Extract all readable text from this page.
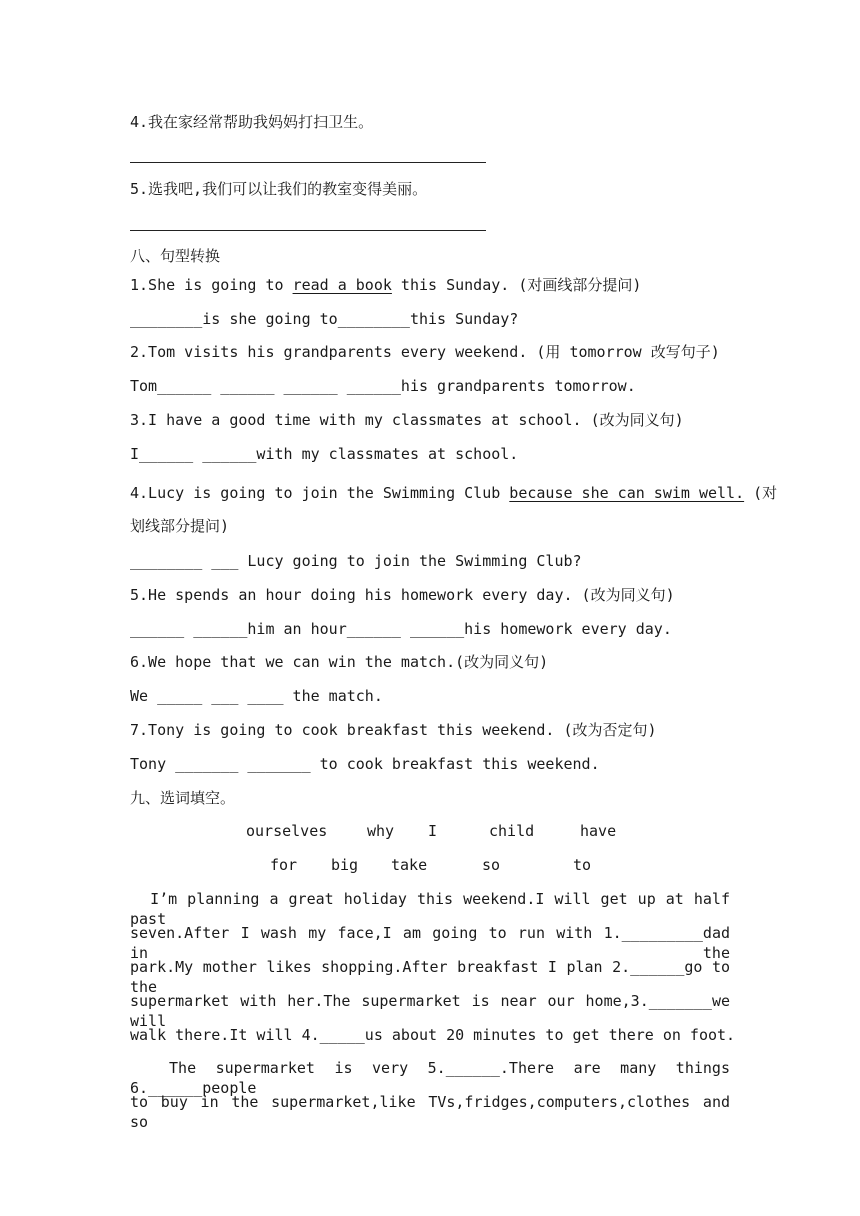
4.我在家经常帮助我妈妈打扫卫生。
5.选我吧,我们可以让我们的教室变得美丽。
八、句型转换
1.She is going to read a book this Sunday. (对画线部分提问)
________is she going to________this Sunday?
2.Tom visits his grandparents every weekend. (用 tomorrow 改写句子)
Tom______ ______ ______ ______his grandparents tomorrow.
3.I have a good time with my classmates at school. (改为同义句)
I______ ______with my classmates at school.
4.Lucy is going to join the Swimming Club because she can swim well. (对
划线部分提问)
________ ___ Lucy going to join the Swimming Club?
5.He spends an hour doing his homework every day. (改为同义句)
______ ______him an hour______ ______his homework every day.
6.We hope that we can win the match.(改为同义句)
We _____ ___ ____ the match.
7.Tony is going to cook breakfast this weekend. (改为否定句)
Tony _______ _______ to cook breakfast this weekend.
九、选词填空。
ourselves	why I	child	have
for big take	so	to
I’m planning a great holiday this weekend.I will get up at half past
seven.After I wash my face,I am going to run with 1._________dad in the
park.My mother likes shopping.After breakfast I plan 2.______go to the
supermarket with her.The supermarket is near our home,3._______we will
walk there.It will 4._____us about 20 minutes to get there on foot.
The supermarket is very 5.______.There are many things 6.______people
to buy in the supermarket,like TVs,fridges,computers,clothes and so
